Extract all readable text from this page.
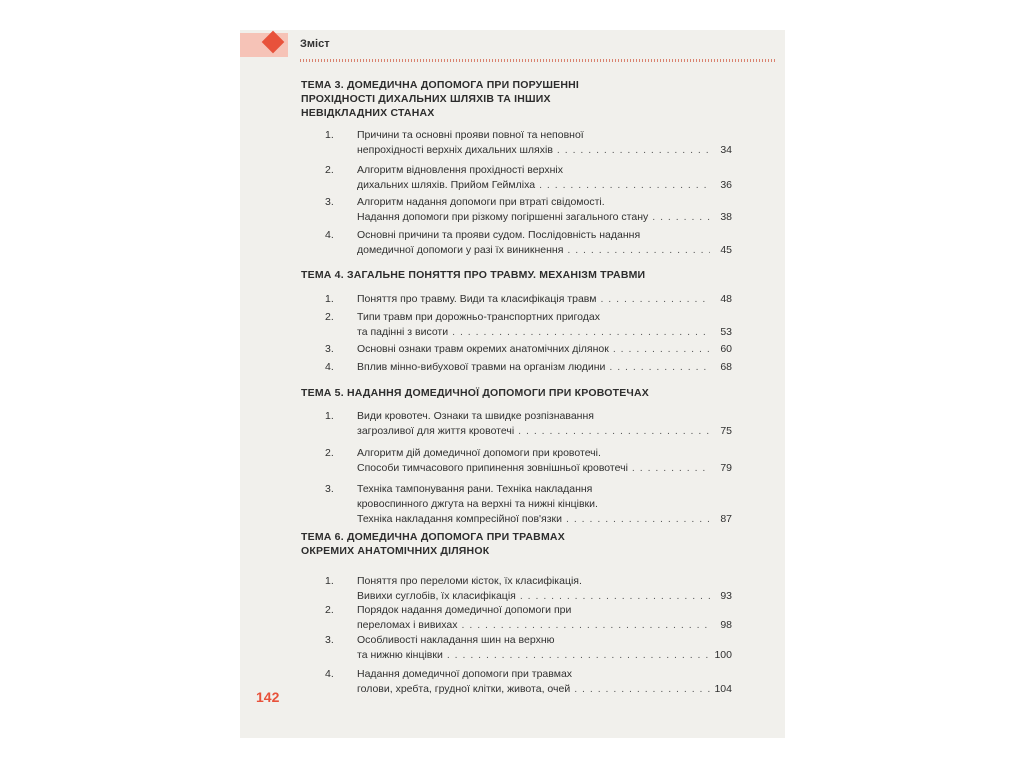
Зміст
ТЕМА 3. ДОМЕДИЧНА ДОПОМОГА ПРИ ПОРУШЕННІ
ПРОХІДНОСТІ ДИХАЛЬНИХ ШЛЯХІВ ТА ІНШИХ
НЕВІДКЛАДНИХ СТАНАХ
1. Причини та основні прояви повної та неповної
непрохідності верхніх дихальних шляхів . . .	34
2. Алгоритм відновлення прохідності верхніх
дихальних шляхів. Прийом Геймліха . . .	36
3. Алгоритм надання допомоги при втраті свідомості.
Надання допомоги при різкому погіршенні загального стану . . .	38
4. Основні причини та прояви судом. Послідовність надання
домедичної допомоги у разі їх виникнення . . .	45
ТЕМА 4. ЗАГАЛЬНЕ ПОНЯТТЯ ПРО ТРАВМУ. МЕХАНІЗМ ТРАВМИ
1. Поняття про травму. Види та класифікація травм . . .	48
2. Типи травм при дорожньо-транспортних пригодах
та падінні з висоти . . .	53
3. Основні ознаки травм окремих анатомічних ділянок . . .	60
4. Вплив мінно-вибухової травми на організм людини . . .	68
ТЕМА 5. НАДАННЯ ДОМЕДИЧНОЇ ДОПОМОГИ ПРИ КРОВОТЕЧАХ
1. Види кровотеч. Ознаки та швидке розпізнавання
загрозливої для життя кровотечі . . .	75
2. Алгоритм дій домедичної допомоги при кровотечі.
Способи тимчасового припинення зовнішньої кровотечі . . .	79
3. Техніка тампонування рани. Техніка накладання
кровоспинного джгута на верхні та нижні кінцівки.
Техніка накладання компресійної пов'язки . . .	87
ТЕМА 6. ДОМЕДИЧНА ДОПОМОГА ПРИ ТРАВМАХ
ОКРЕМИХ АНАТОМІЧНИХ ДІЛЯНОК
1. Поняття про переломи кісток, їх класифікація.
Вивихи суглобів, їх класифікація . . .	93
2. Порядок надання домедичної допомоги при
переломах і вивихах . . .	98
3. Особливості накладання шин на верхню
та нижню кінцівки . . .	100
4. Надання домедичної допомоги при травмах
голови, хребта, грудної клітки, живота, очей . . .	104
142
